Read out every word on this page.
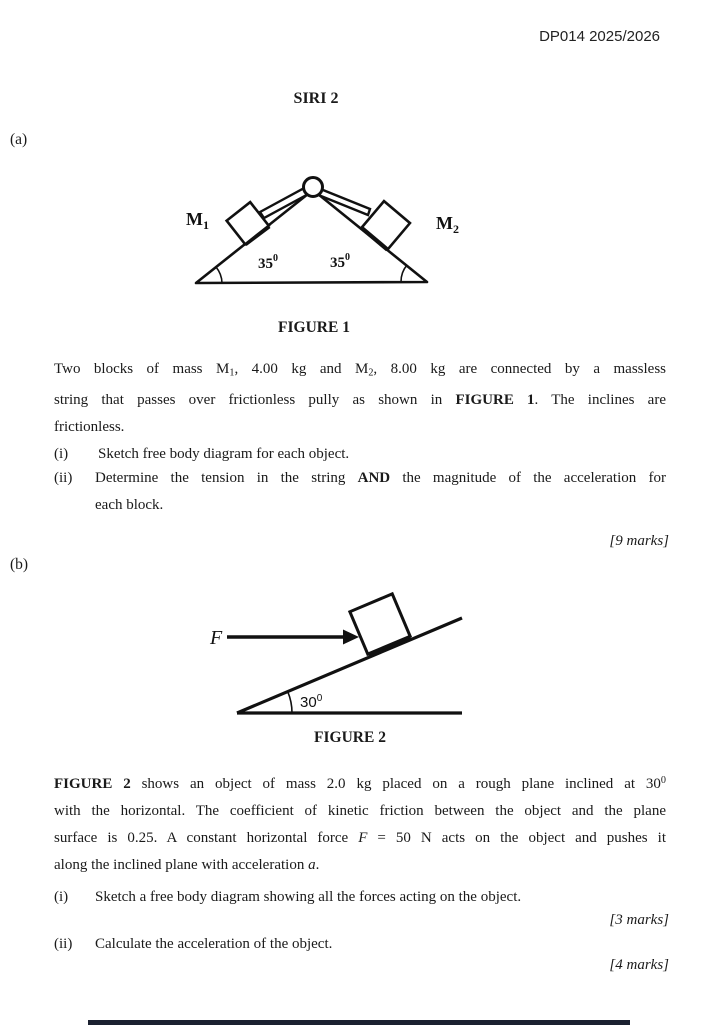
DP014 2025/2026
SIRI 2
(a)
$M_1$	$M_2$
$35^0$	$35^0$
FIGURE 1
Two blocks of mass M1, 4.00 kg and M2, 8.00 kg are connected by a massless
string that passes over frictionless pully as shown in FIGURE 1. The inclines are
frictionless.
(i)	Sketch free body diagram for each object.
(ii)	Determine the tension in the string AND the magnitude of the acceleration for
each block.
[9 marks]
(b)
F
$30^0$
FIGURE 2
FIGURE 2 shows an object of mass 2.0 kg placed on a rough plane inclined at $30^0$
with the horizontal. The coefficient of kinetic friction between the object and the plane
surface is 0.25. A constant horizontal force F = 50 N acts on the object and pushes it
along the inclined plane with acceleration a.
(i)	Sketch a free body diagram showing all the forces acting on the object.
[3 marks]
(ii)	Calculate the acceleration of the object.
[4 marks]
